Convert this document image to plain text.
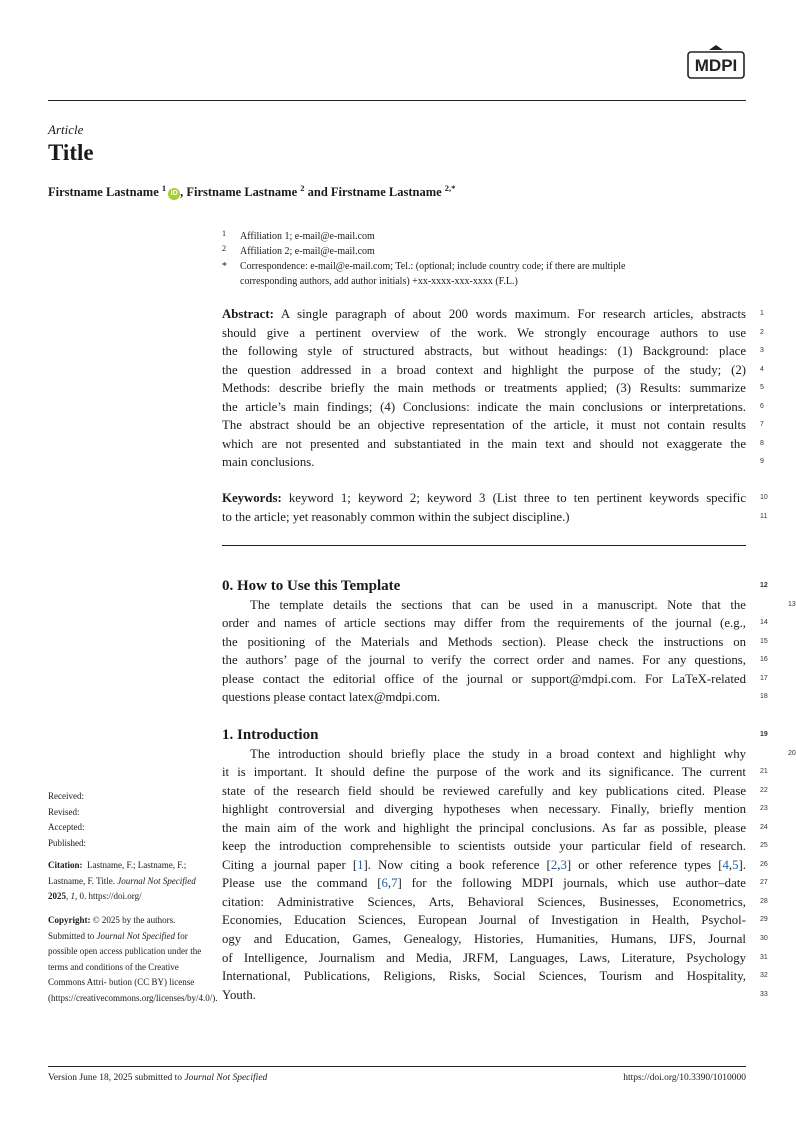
MDPI
Article
Title
Firstname Lastname $^1$iD , Firstname Lastname $^2$ and Firstname Lastname $^{2,*}$
1 Affiliation 1; e-mail@e-mail.com
2 Affiliation 2; e-mail@e-mail.com
* Correspondence: e-mail@e-mail.com; Tel.: (optional; include country code; if there are multiple
corresponding authors, add author initials) +xx-xxxx-xxx-xxxx (F.L.)
Abstract: A single paragraph of about 200 words maximum. For research articles, abstracts 1
should give a pertinent overview of the work. We strongly encourage authors to use 2
the following style of structured abstracts, but without headings: (1) Background: place 3
the question addressed in a broad context and highlight the purpose of the study; (2) 4
Methods: describe briefly the main methods or treatments applied; (3) Results: summarize 5
the article’s main findings; (4) Conclusions: indicate the main conclusions or interpretations. 6
The abstract should be an objective representation of the article, it must not contain results 7
which are not presented and substantiated in the main text and should not exaggerate the 8
main conclusions.	9
Keywords: keyword 1; keyword 2; keyword 3 (List three to ten pertinent keywords specific 10
to the article; yet reasonably common within the subject discipline.)	11
0. How to Use this Template	12
The template details the sections that can be used in a manuscript. Note that the	13
order and names of article sections may differ from the requirements of the journal (e.g., 14
the positioning of the Materials and Methods section). Please check the instructions on 15
the authors’ page of the journal to verify the correct order and names. For any questions, 16
please contact the editorial office of the journal or support@mdpi.com. For LaTeX-related 17
questions please contact latex@mdpi.com.	18
1. Introduction	19
The introduction should briefly place the study in a broad context and highlight why	20
it is important. It should define the purpose of the work and its significance. The current 21
state of the research field should be reviewed carefully and key publications cited. Please 22
highlight controversial and diverging hypotheses when necessary. Finally, briefly mention 23
the main aim of the work and highlight the principal conclusions. As far as possible, please 24
keep the introduction comprehensible to scientists outside your particular field of research. 25
Citing a journal paper [1]. Now citing a book reference [2,3] or other reference types [4,5]. 26
Please use the command [6,7] for the following MDPI journals, which use author–date 27
citation: Administrative Sciences, Arts, Behavioral Sciences, Businesses, Econometrics, 28
Economies, Education Sciences, European Journal of Investigation in Health, Psychol- 29
ogy and Education, Games, Genealogy, Histories, Humanities, Humans, IJFS, Journal 30
of Intelligence, Journalism and Media, JRFM, Languages, Laws, Literature, Psychology 31
International, Publications, Religions, Risks, Social Sciences, Tourism and Hospitality, 32
Youth.	33

Received:

Revised:

Accepted:

Published:

Citation: Lastname, F.; Lastname, F.; Lastname, F. Title. Journal Not Specified 2025, 1, 0. https://doi.org/

Copyright: © 2025 by the authors. Submitted to Journal Not Specified for possible open access publication under the terms and conditions of the Creative Commons Attri- bution (CC BY) license (https://creativecommons.org/licenses/by/4.0/).

Version June 18, 2025 submitted to Journal Not Specified	https://doi.org/10.3390/1010000
